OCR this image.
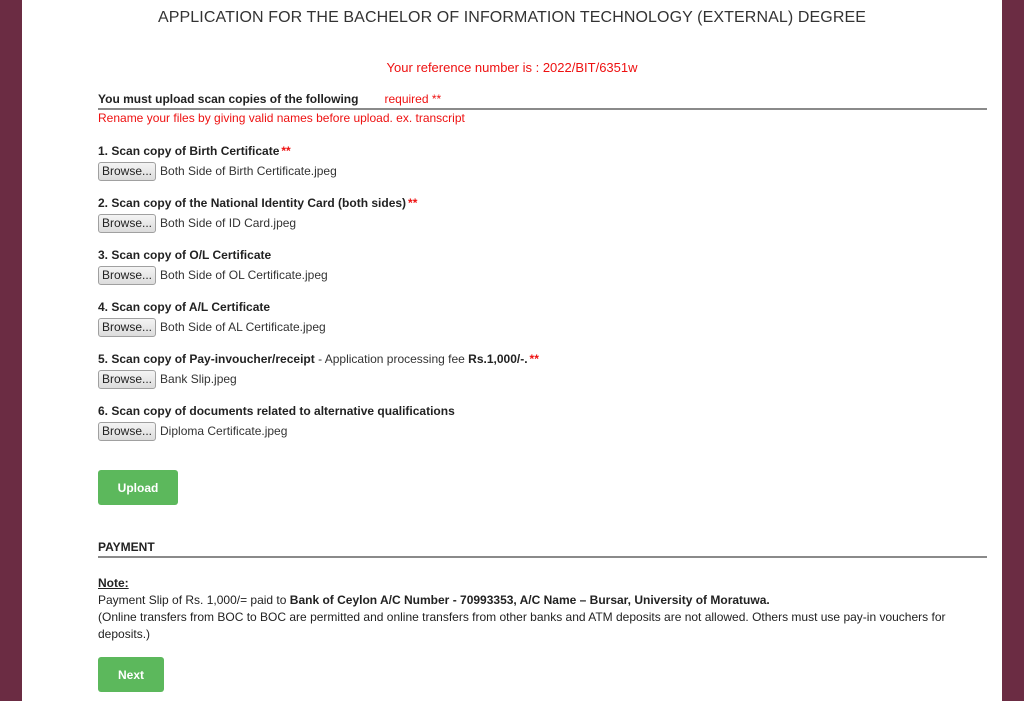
APPLICATION FOR THE BACHELOR OF INFORMATION TECHNOLOGY (EXTERNAL) DEGREE
Your reference number is : 2022/BIT/6351w
You must upload scan copies of the following required **
Rename your files by giving valid names before upload. ex. transcript
1. Scan copy of Birth Certificate **
Browse... Both Side of Birth Certificate.jpeg
2. Scan copy of the National Identity Card (both sides) **
Browse... Both Side of ID Card.jpeg
3. Scan copy of O/L Certificate
Browse... Both Side of OL Certificate.jpeg
4. Scan copy of A/L Certificate
Browse... Both Side of AL Certificate.jpeg
5. Scan copy of Pay-invoucher/receipt - Application processing fee Rs.1,000/-. **
Browse... Bank Slip.jpeg
6. Scan copy of documents related to alternative qualifications
Browse... Diploma Certificate.jpeg
Upload
PAYMENT
Note:
Payment Slip of Rs. 1,000/= paid to Bank of Ceylon A/C Number - 70993353, A/C Name – Bursar, University of Moratuwa.
(Online transfers from BOC to BOC are permitted and online transfers from other banks and ATM deposits are not allowed. Others must use pay-in vouchers for deposits.)
Next
